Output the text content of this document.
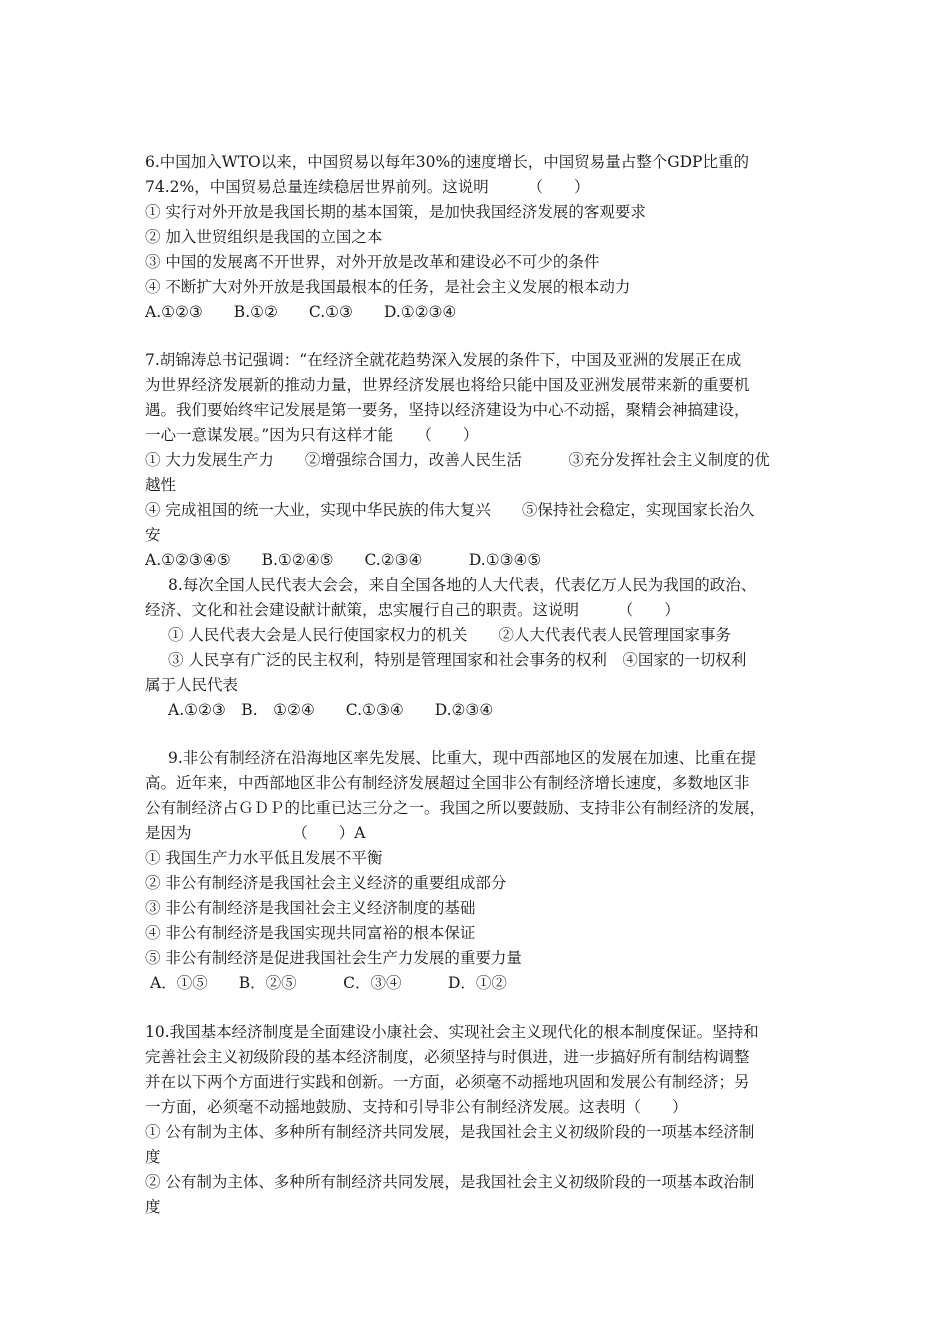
6.中国加入WTO以来，中国贸易以每年30%的速度增长，中国贸易量占整个GDP比重的
74.2%，中国贸易总量连续稳居世界前列。这说明　　　（　　）
① 实行对外开放是我国长期的基本国策，是加快我国经济发展的客观要求
② 加入世贸组织是我国的立国之本
③ 中国的发展离不开世界，对外开放是改革和建设必不可少的条件
④ 不断扩大对外开放是我国最根本的任务，是社会主义发展的根本动力
A.①②③　　B.①②　　C.①③　　D.①②③④
7.胡锦涛总书记强调：“在经济全就花趋势深入发展的条件下，中国及亚洲的发展正在成
为世界经济发展新的推动力量，世界经济发展也将给只能中国及亚洲发展带来新的重要机
遇。我们要始终牢记发展是第一要务，坚持以经济建设为中心不动摇，聚精会神搞建设，
一心一意谋发展。”因为只有这样才能　　（　　）
① 大力发展生产力　　②增强综合国力，改善人民生活　　　③充分发挥社会主义制度的优
越性
④ 完成祖国的统一大业，实现中华民族的伟大复兴　　⑤保持社会稳定，实现国家长治久
安
A.①②③④⑤　　B.①②④⑤　　C.②③④　　　D.①③④⑤
8.每次全国人民代表大会会，来自全国各地的人大代表，代表亿万人民为我国的政治、
经济、文化和社会建设献计献策，忠实履行自己的职责。这说明　　　（　　）
① 人民代表大会是人民行使国家权力的机关　　②人大代表代表人民管理国家事务
③ 人民享有广泛的民主权利，特别是管理国家和社会事务的权利　④国家的一切权利
属于人民代表
A.①②③　B.　①②④　　C.①③④　　D.②③④
9.非公有制经济在沿海地区率先发展、比重大，现中西部地区的发展在加速、比重在提
高。近年来，中西部地区非公有制经济发展超过全国非公有制经济增长速度，多数地区非
公有制经济占ＧＤＰ的比重已达三分之一。我国之所以要鼓励、支持非公有制经济的发展，
是因为　　　　　　　（　　）A
① 我国生产力水平低且发展不平衡
② 非公有制经济是我国社会主义经济的重要组成部分
③ 非公有制经济是我国社会主义经济制度的基础
④ 非公有制经济是我国实现共同富裕的根本保证
⑤ 非公有制经济是促进我国社会生产力发展的重要力量
A．①⑤　　B．②⑤　　　C．③④　　　D．①②
10.我国基本经济制度是全面建设小康社会、实现社会主义现代化的根本制度保证。坚持和
完善社会主义初级阶段的基本经济制度，必须坚持与时俱进，进一步搞好所有制结构调整
并在以下两个方面进行实践和创新。一方面，必须毫不动摇地巩固和发展公有制经济；另
一方面，必须毫不动摇地鼓励、支持和引导非公有制经济发展。这表明（　　）
① 公有制为主体、多种所有制经济共同发展，是我国社会主义初级阶段的一项基本经济制
度
② 公有制为主体、多种所有制经济共同发展，是我国社会主义初级阶段的一项基本政治制
度
